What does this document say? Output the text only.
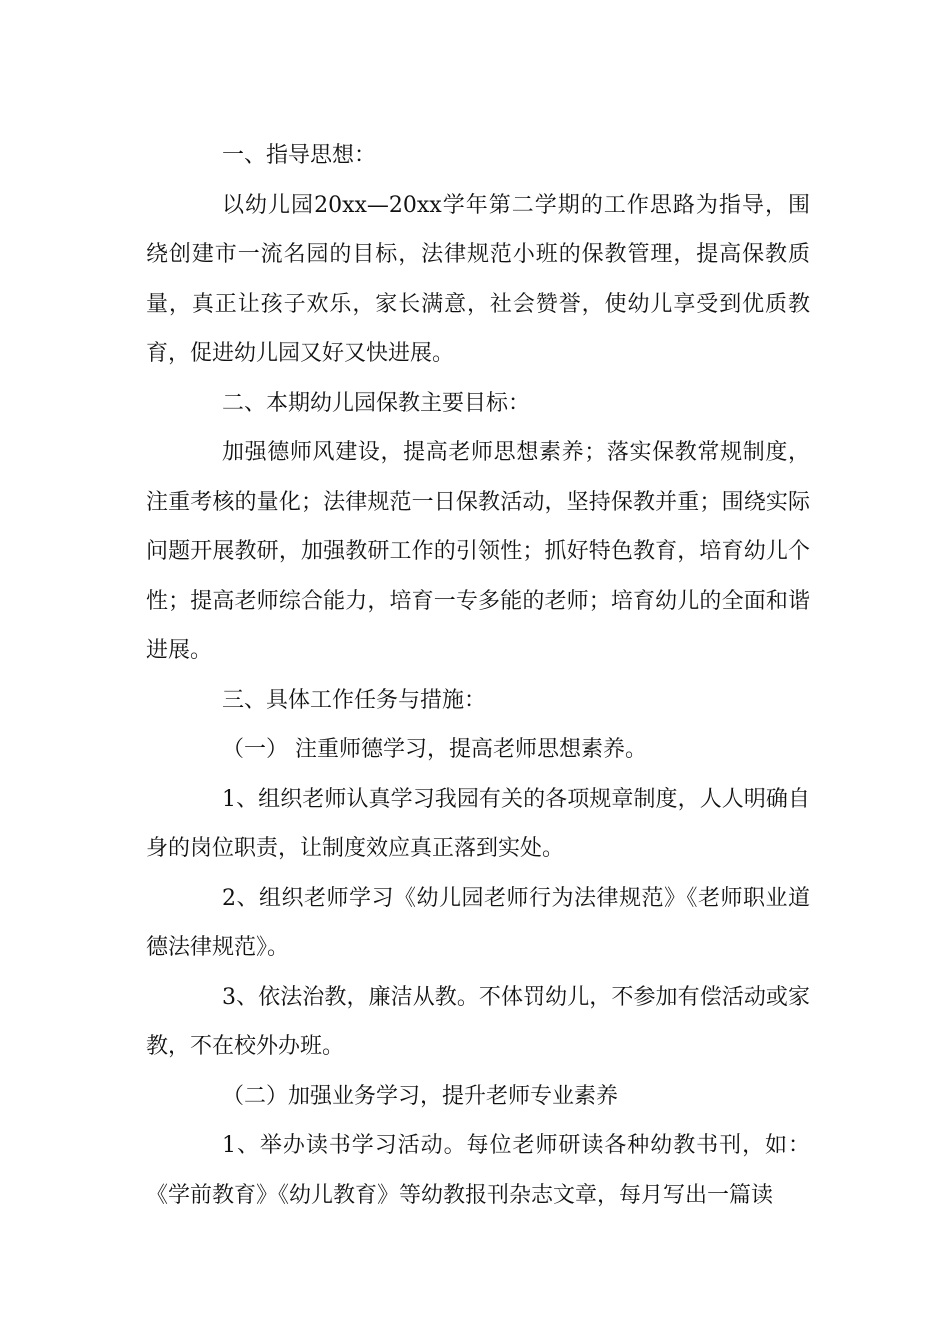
一、指导思想：

以幼儿园20xx—20xx学年第二学期的工作思路为指导，围绕创建市一流名园的目标，法律规范小班的保教管理，提高保教质量，真正让孩子欢乐，家长满意，社会赞誉，使幼儿享受到优质教育，促进幼儿园又好又快进展。

二、本期幼儿园保教主要目标：

加强德师风建设，提高老师思想素养；落实保教常规制度，注重考核的量化；法律规范一日保教活动，坚持保教并重；围绕实际问题开展教研，加强教研工作的引领性；抓好特色教育，培育幼儿个性；提高老师综合能力，培育一专多能的老师；培育幼儿的全面和谐进展。

三、具体工作任务与措施：

（一） 注重师德学习，提高老师思想素养。

1、组织老师认真学习我园有关的各项规章制度，人人明确自身的岗位职责，让制度效应真正落到实处。

2、组织老师学习《幼儿园老师行为法律规范》《老师职业道德法律规范》。

3、依法治教，廉洁从教。不体罚幼儿，不参加有偿活动或家教，不在校外办班。

（二）加强业务学习，提升老师专业素养

1、举办读书学习活动。每位老师研读各种幼教书刊，如：《学前教育》《幼儿教育》等幼教报刊杂志文章，每月写出一篇读
